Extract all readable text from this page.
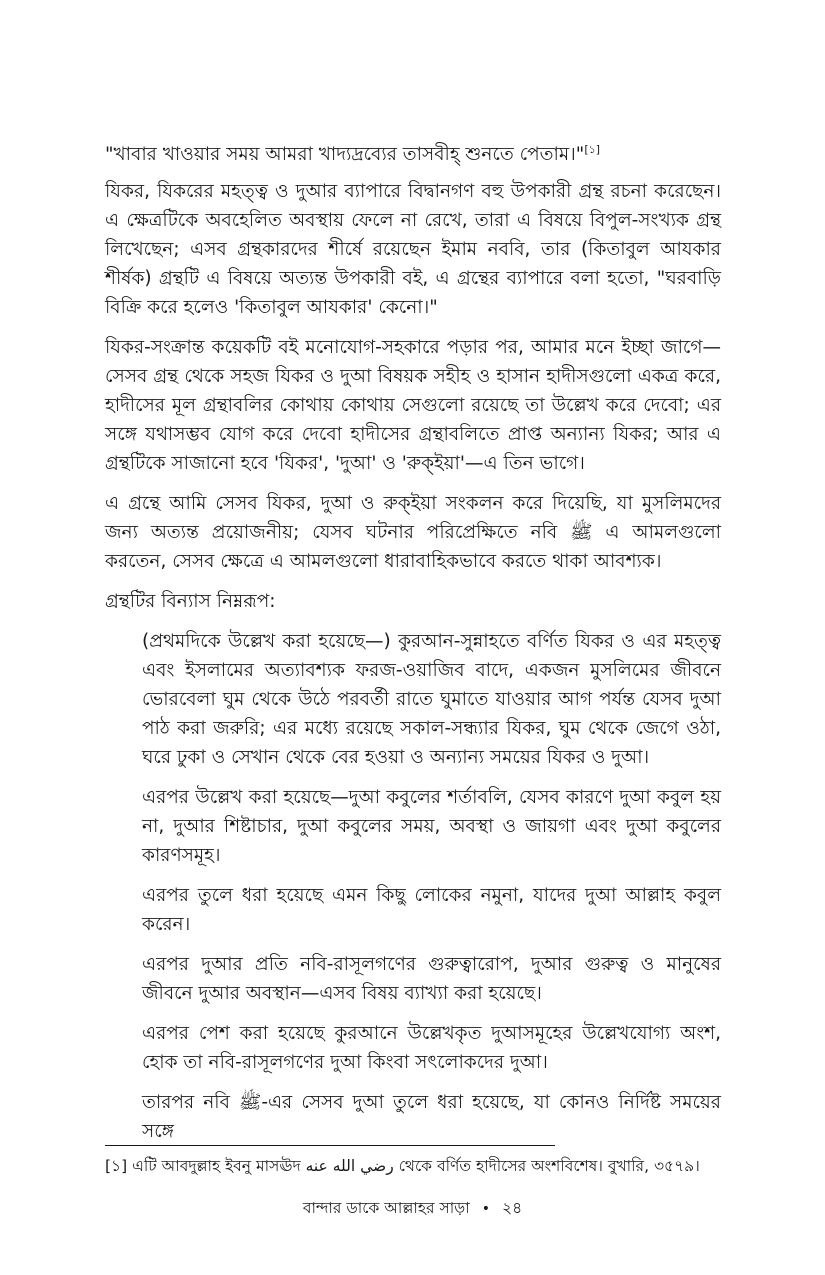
"খাবার খাওয়ার সময় আমরা খাদ্যদ্রব্যের তাসবীহ্ শুনতে পেতাম।"[১]

যিকর, যিকরের মহত্ত্ব ও দুআর ব্যাপারে বিদ্বানগণ বহু উপকারী গ্রন্থ রচনা করেছেন। এ ক্ষেত্রটিকে অবহেলিত অবস্থায় ফেলে না রেখে, তারা এ বিষয়ে বিপুল-সংখ্যক গ্রন্থ লিখেছেন; এসব গ্রন্থকারদের শীর্ষে রয়েছেন ইমাম নববি, তার (কিতাবুল আযকার শীর্ষক) গ্রন্থটি এ বিষয়ে অত্যন্ত উপকারী বই, এ গ্রন্থের ব্যাপারে বলা হতো, "ঘরবাড়ি বিক্রি করে হলেও 'কিতাবুল আযকার' কেনো।"

যিকর-সংক্রান্ত কয়েকটি বই মনোযোগ-সহকারে পড়ার পর, আমার মনে ইচ্ছা জাগে—সেসব গ্রন্থ থেকে সহজ যিকর ও দুআ বিষয়ক সহীহ ও হাসান হাদীসগুলো একত্র করে, হাদীসের মূল গ্রন্থাবলির কোথায় কোথায় সেগুলো রয়েছে তা উল্লেখ করে দেবো; এর সঙ্গে যথাসম্ভব যোগ করে দেবো হাদীসের গ্রন্থাবলিতে প্রাপ্ত অন্যান্য যিকর; আর এ গ্রন্থটিকে সাজানো হবে 'যিকর', 'দুআ' ও 'রুক্ইয়া'—এ তিন ভাগে।

এ গ্রন্থে আমি সেসব যিকর, দুআ ও রুক্ইয়া সংকলন করে দিয়েছি, যা মুসলিমদের জন্য অত্যন্ত প্রয়োজনীয়; যেসব ঘটনার পরিপ্রেক্ষিতে নবি ﷺ এ আমলগুলো করতেন, সেসব ক্ষেত্রে এ আমলগুলো ধারাবাহিকভাবে করতে থাকা আবশ্যক।

গ্রন্থটির বিন্যাস নিম্নরূপ:

(প্রথমদিকে উল্লেখ করা হয়েছে—) কুরআন-সুন্নাহতে বর্ণিত যিকর ও এর মহত্ত্ব এবং ইসলামের অত্যাবশ্যক ফরজ-ওয়াজিব বাদে, একজন মুসলিমের জীবনে ভোরবেলা ঘুম থেকে উঠে পরবর্তী রাতে ঘুমাতে যাওয়ার আগ পর্যন্ত যেসব দুআ পাঠ করা জরুরি; এর মধ্যে রয়েছে সকাল-সন্ধ্যার যিকর, ঘুম থেকে জেগে ওঠা, ঘরে ঢুকা ও সেখান থেকে বের হওয়া ও অন্যান্য সময়ের যিকর ও দুআ।

এরপর উল্লেখ করা হয়েছে—দুআ কবুলের শর্তাবলি, যেসব কারণে দুআ কবুল হয় না, দুআর শিষ্টাচার, দুআ কবুলের সময়, অবস্থা ও জায়গা এবং দুআ কবুলের কারণসমূহ।

এরপর তুলে ধরা হয়েছে এমন কিছু লোকের নমুনা, যাদের দুআ আল্লাহ কবুল করেন।

এরপর দুআর প্রতি নবি-রাসূলগণের গুরুত্বারোপ, দুআর গুরুত্ব ও মানুষের জীবনে দুআর অবস্থান—এসব বিষয় ব্যাখ্যা করা হয়েছে।

এরপর পেশ করা হয়েছে কুরআনে উল্লেখকৃত দুআসমূহের উল্লেখযোগ্য অংশ, হোক তা নবি-রাসূলগণের দুআ কিংবা সৎলোকদের দুআ।

তারপর নবি ﷺ-এর সেসব দুআ তুলে ধরা হয়েছে, যা কোনও নির্দিষ্ট সময়ের সঙ্গে

[১] এটি আবদুল্লাহ ইবনু মাসঊদ رضي الله عنه থেকে বর্ণিত হাদীসের অংশবিশেষ। বুখারি, ৩৫৭৯।
বান্দার ডাকে আল্লাহর সাড়া • ২৪
